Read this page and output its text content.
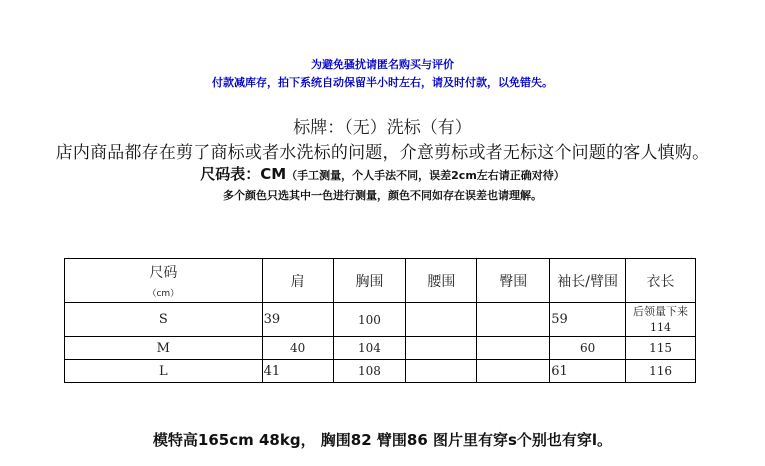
为避免骚扰请匿名购买与评价
付款减库存，拍下系统自动保留半小时左右，请及时付款，以免错失。
标牌：（无）洗标（有）
店内商品都存在剪了商标或者水洗标的问题，介意剪标或者无标这个问题的客人慎购。
尺码表：CM（手工测量，个人手法不同，误差2cm左右请正确对待）
多个颜色只选其中一色进行测量，颜色不同如存在误差也请理解。
尺码
（cm）	肩	胸围	腰围	臀围	袖长/臂围	衣长
S	39	100			59	后领量下来
114

M	40	104			60	115
L	41	108			61	116
模特高165cm 48kg， 胸围82 臂围86 图片里有穿s个别也有穿l。
